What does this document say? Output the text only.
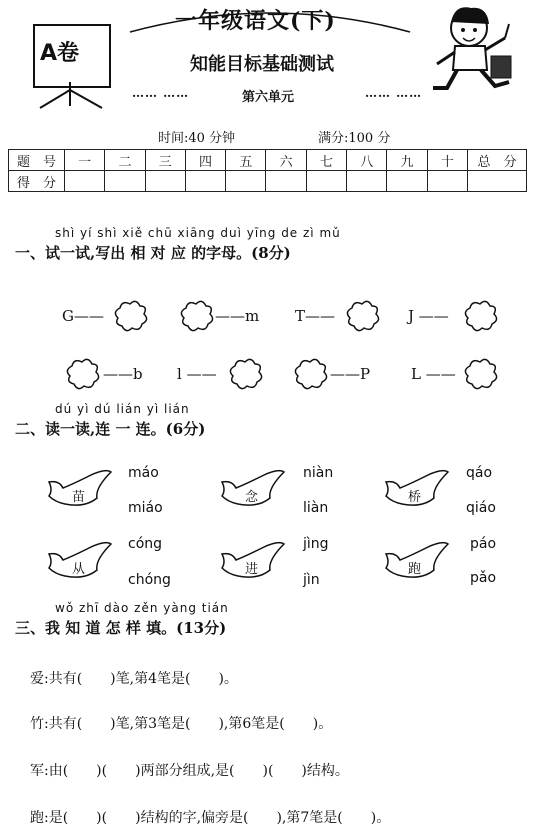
一年级语文(下)
A卷	知能目标基础测试
…… ……	第六单元	…… ……
时间:40 分钟	满分:100 分
题　号	一	二	三	四	五	六	七	八	九	十	总　分
得　分											
shì yí shì xiě chū xiāng duì yīng de zì mǔ
一、试一试,写出 相 对 应 的字母。(8分)
G——	——m T——	J ——
——b l ——	——P	L ——
dú yì dú lián yì lián
二、读一读,连 一 连。(6分)
苗	念	桥
从	进	跑
máo
miáo
niàn
liàn
qáo
qiáo
cóng
chóng
jìng
jìn
páo
pǎo
wǒ zhī dào zěn yàng tián
三、我 知 道 怎 样 填。(13分)
爱:共有(　　)笔,第4笔是(　　)。
竹:共有(　　)笔,第3笔是(　　),第6笔是(　　)。
军:由(　　)(　　)两部分组成,是(　　)(　　)结构。
跑:是(　　)(　　)结构的字,偏旁是(　　),第7笔是(　　)。
